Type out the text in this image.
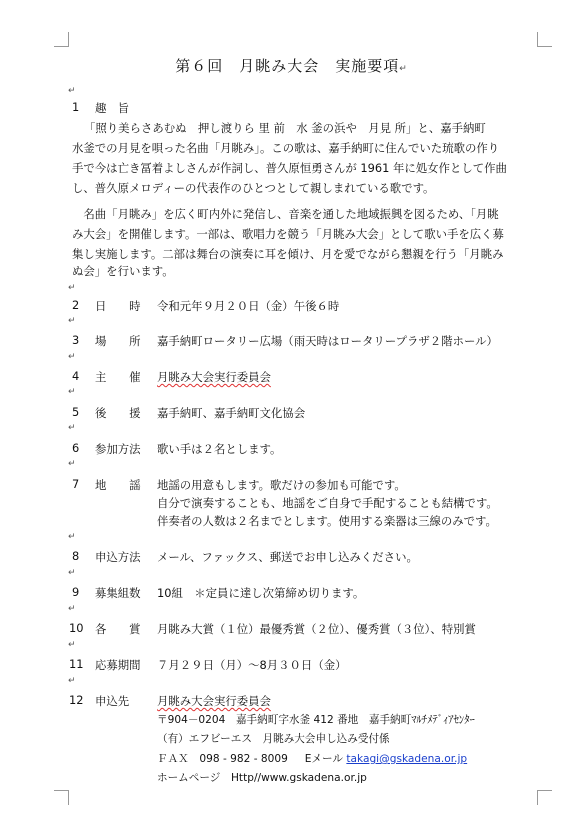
第６回　月眺み大会　実施要項↵
↵
1 趣　旨
「照り美らさあむぬ　押し渡りら 里 前　水 釜の浜や　月見 所」と、嘉手納町
水釜での月見を唄った名曲「月眺み」。この歌は、嘉手納町に住んでいた琉歌の作り
手で今は亡き冨着よしさんが作詞し、普久原恒勇さんが 1961 年に処女作として作曲
し、普久原メロディーの代表作のひとつとして親しまれている歌です。
　名曲「月眺み」を広く町内外に発信し、音楽を通した地域振興を図るため、「月眺
み大会」を開催します。一部は、歌唱力を競う「月眺み大会」として歌い手を広く募
集し実施します。二部は舞台の演奏に耳を傾け、月を愛でながら懇親を行う「月眺み
ぬ会」を行います。
↵
2 日　　時 令和元年９月２０日（金）午後６時
↵
3 場　　所 嘉手納町ロータリー広場（雨天時はロータリープラザ２階ホール）
↵
4 主　　催 月眺み大会実行委員会
↵
5 後　　援 嘉手納町、嘉手納町文化協会
↵
6 参加方法 歌い手は２名とします。
↵
7 地　　謡 地謡の用意もします。歌だけの参加も可能です。
自分で演奏することも、地謡をご自身で手配することも結構です。
伴奏者の人数は２名までとします。使用する楽器は三線のみです。
↵
8 申込方法 メール、ファックス、郵送でお申し込みください。
↵
9 募集組数 10組　＊定員に達し次第締め切ります。
↵
10 各　　賞 月眺み大賞（１位）最優秀賞（２位）、優秀賞（３位）、特別賞
↵
11 応募期間 ７月２９日（月）～8月３０日（金）
↵
12 申込先 月眺み大会実行委員会
〒904－0204　嘉手納町字水釜 412 番地　嘉手納町ﾏﾙﾁﾒﾃﾞｨｱｾﾝﾀｰ
（有）エフビーエス　月眺み大会申し込み受付係
ＦＡＸ　098 - 982 - 8009 Eメール takagi@gskadena.or.jp
ホームページ　Http//www.gskadena.or.jp
